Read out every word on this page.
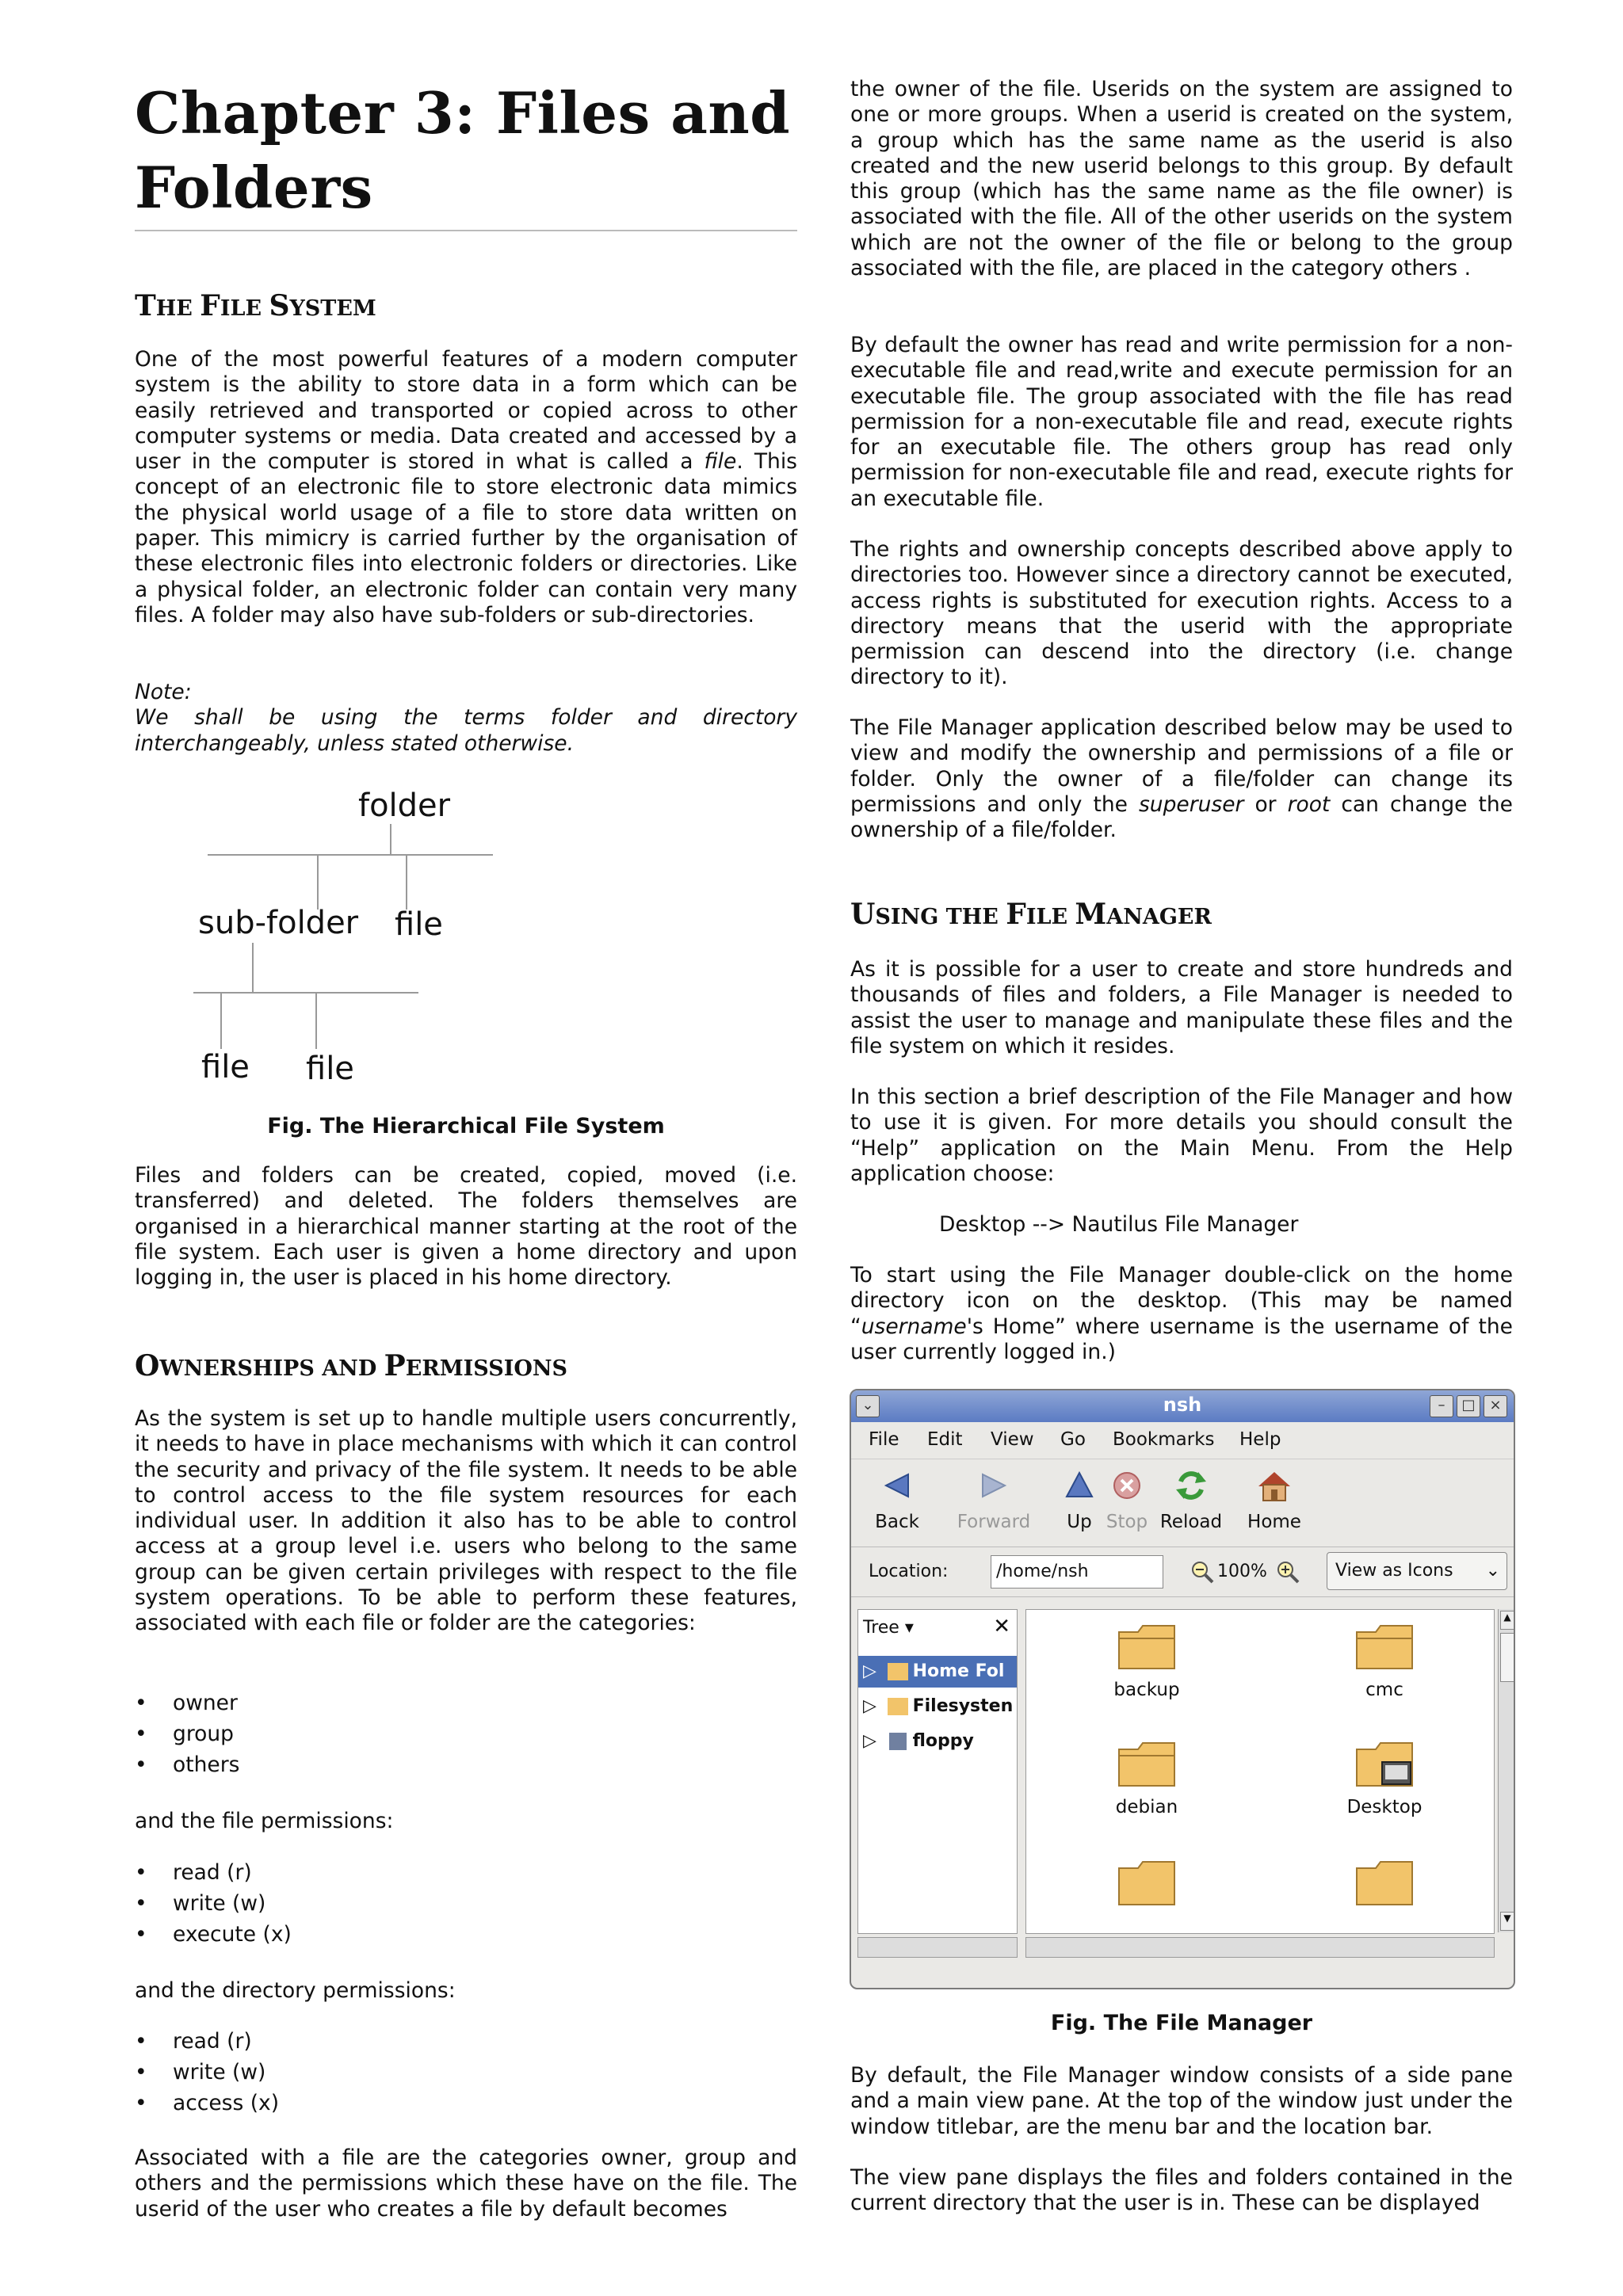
Chapter 3: Files and
Folders
THE FILE SYSTEM

One of the most powerful features of a modern computer system is the ability to store data in a form which can be easily retrieved and transported or copied across to other computer systems or media. Data created and accessed by a user in the computer is stored in what is called a file. This concept of an electronic file to store electronic data mimics the physical world usage of a file to store data written on paper. This mimicry is carried further by the organisation of these electronic files into electronic folders or directories. Like a physical folder, an electronic folder can contain very many files. A folder may also have sub-folders or sub-directories.

Note:
We shall be using the terms folder and directory interchangeably, unless stated otherwise.
folder
sub-folder file
file file
Fig. The Hierarchical File System

Files and folders can be created, copied, moved (i.e. transferred) and deleted. The folders themselves are organised in a hierarchical manner starting at the root of the file system. Each user is given a home directory and upon logging in, the user is placed in his home directory.

OWNERSHIPS AND PERMISSIONS

As the system is set up to handle multiple users concurrently, it needs to have in place mechanisms with which it can control the security and privacy of the file system. It needs to be able to control access to the file system resources for each individual user. In addition it also has to be able to control access at a group level i.e. users who belong to the same group can be given certain privileges with respect to the file system operations. To be able to perform these features, associated with each file or folder are the categories:

• owner
• group
• others
and the file permissions:
• read (r)
• write (w)
• execute (x)
and the directory permissions:
• read (r)
• write (w)
• access (x)

Associated with a file are the categories owner, group and others and the permissions which these have on the file. The userid of the user who creates a file by default becomes

the owner of the file. Userids on the system are assigned to one or more groups. When a userid is created on the system, a group which has the same name as the userid is also created and the new userid belongs to this group. By default this group (which has the same name as the file owner) is associated with the file. All of the other userids on the system which are not the owner of the file or belong to the group associated with the file, are placed in the category others .

By default the owner has read and write permission for a non-executable file and read,write and execute permission for an executable file. The group associated with the file has read permission for a non-executable file and read, execute rights for an executable file. The others group has read only permission for non-executable file and read, execute rights for an executable file.

The rights and ownership concepts described above apply to directories too. However since a directory cannot be executed, access rights is substituted for execution rights. Access to a directory means that the userid with the appropriate permission can descend into the directory (i.e. change directory to it).

The File Manager application described below may be used to view and modify the ownership and permissions of a file or folder. Only the owner of a file/folder can change its permissions and only the superuser or root can change the ownership of a file/folder.

USING THE FILE MANAGER

As it is possible for a user to create and store hundreds and thousands of files and folders, a File Manager is needed to assist the user to manage and manipulate these files and the file system on which it resides.

In this section a brief description of the File Manager and how to use it is given. For more details you should consult the “Help” application on the Main Menu. From the Help application choose:

Desktop --> Nautilus File Manager

To start using the File Manager double-click on the home directory icon on the desktop. (This may be named “username's Home” where username is the username of the user currently logged in.)

Fig. The File Manager

By default, the File Manager window consists of a side pane and a main view pane. At the top of the window just under the window titlebar, are the menu bar and the location bar.

The view pane displays the files and folders contained in the current directory that the user is in. These can be displayed

⌄	nsh	–	□ ×
File Edit View Go Bookmarks Help
Back	Forward	Up Stop Reload Home
Location:	/home/nsh	100%	View as Icons ⌄
Tree ▾	✕
▷ Home Fol
▷ Filesysten
▷ floppy
backup	cmc
debian	Desktop
▲
▼
